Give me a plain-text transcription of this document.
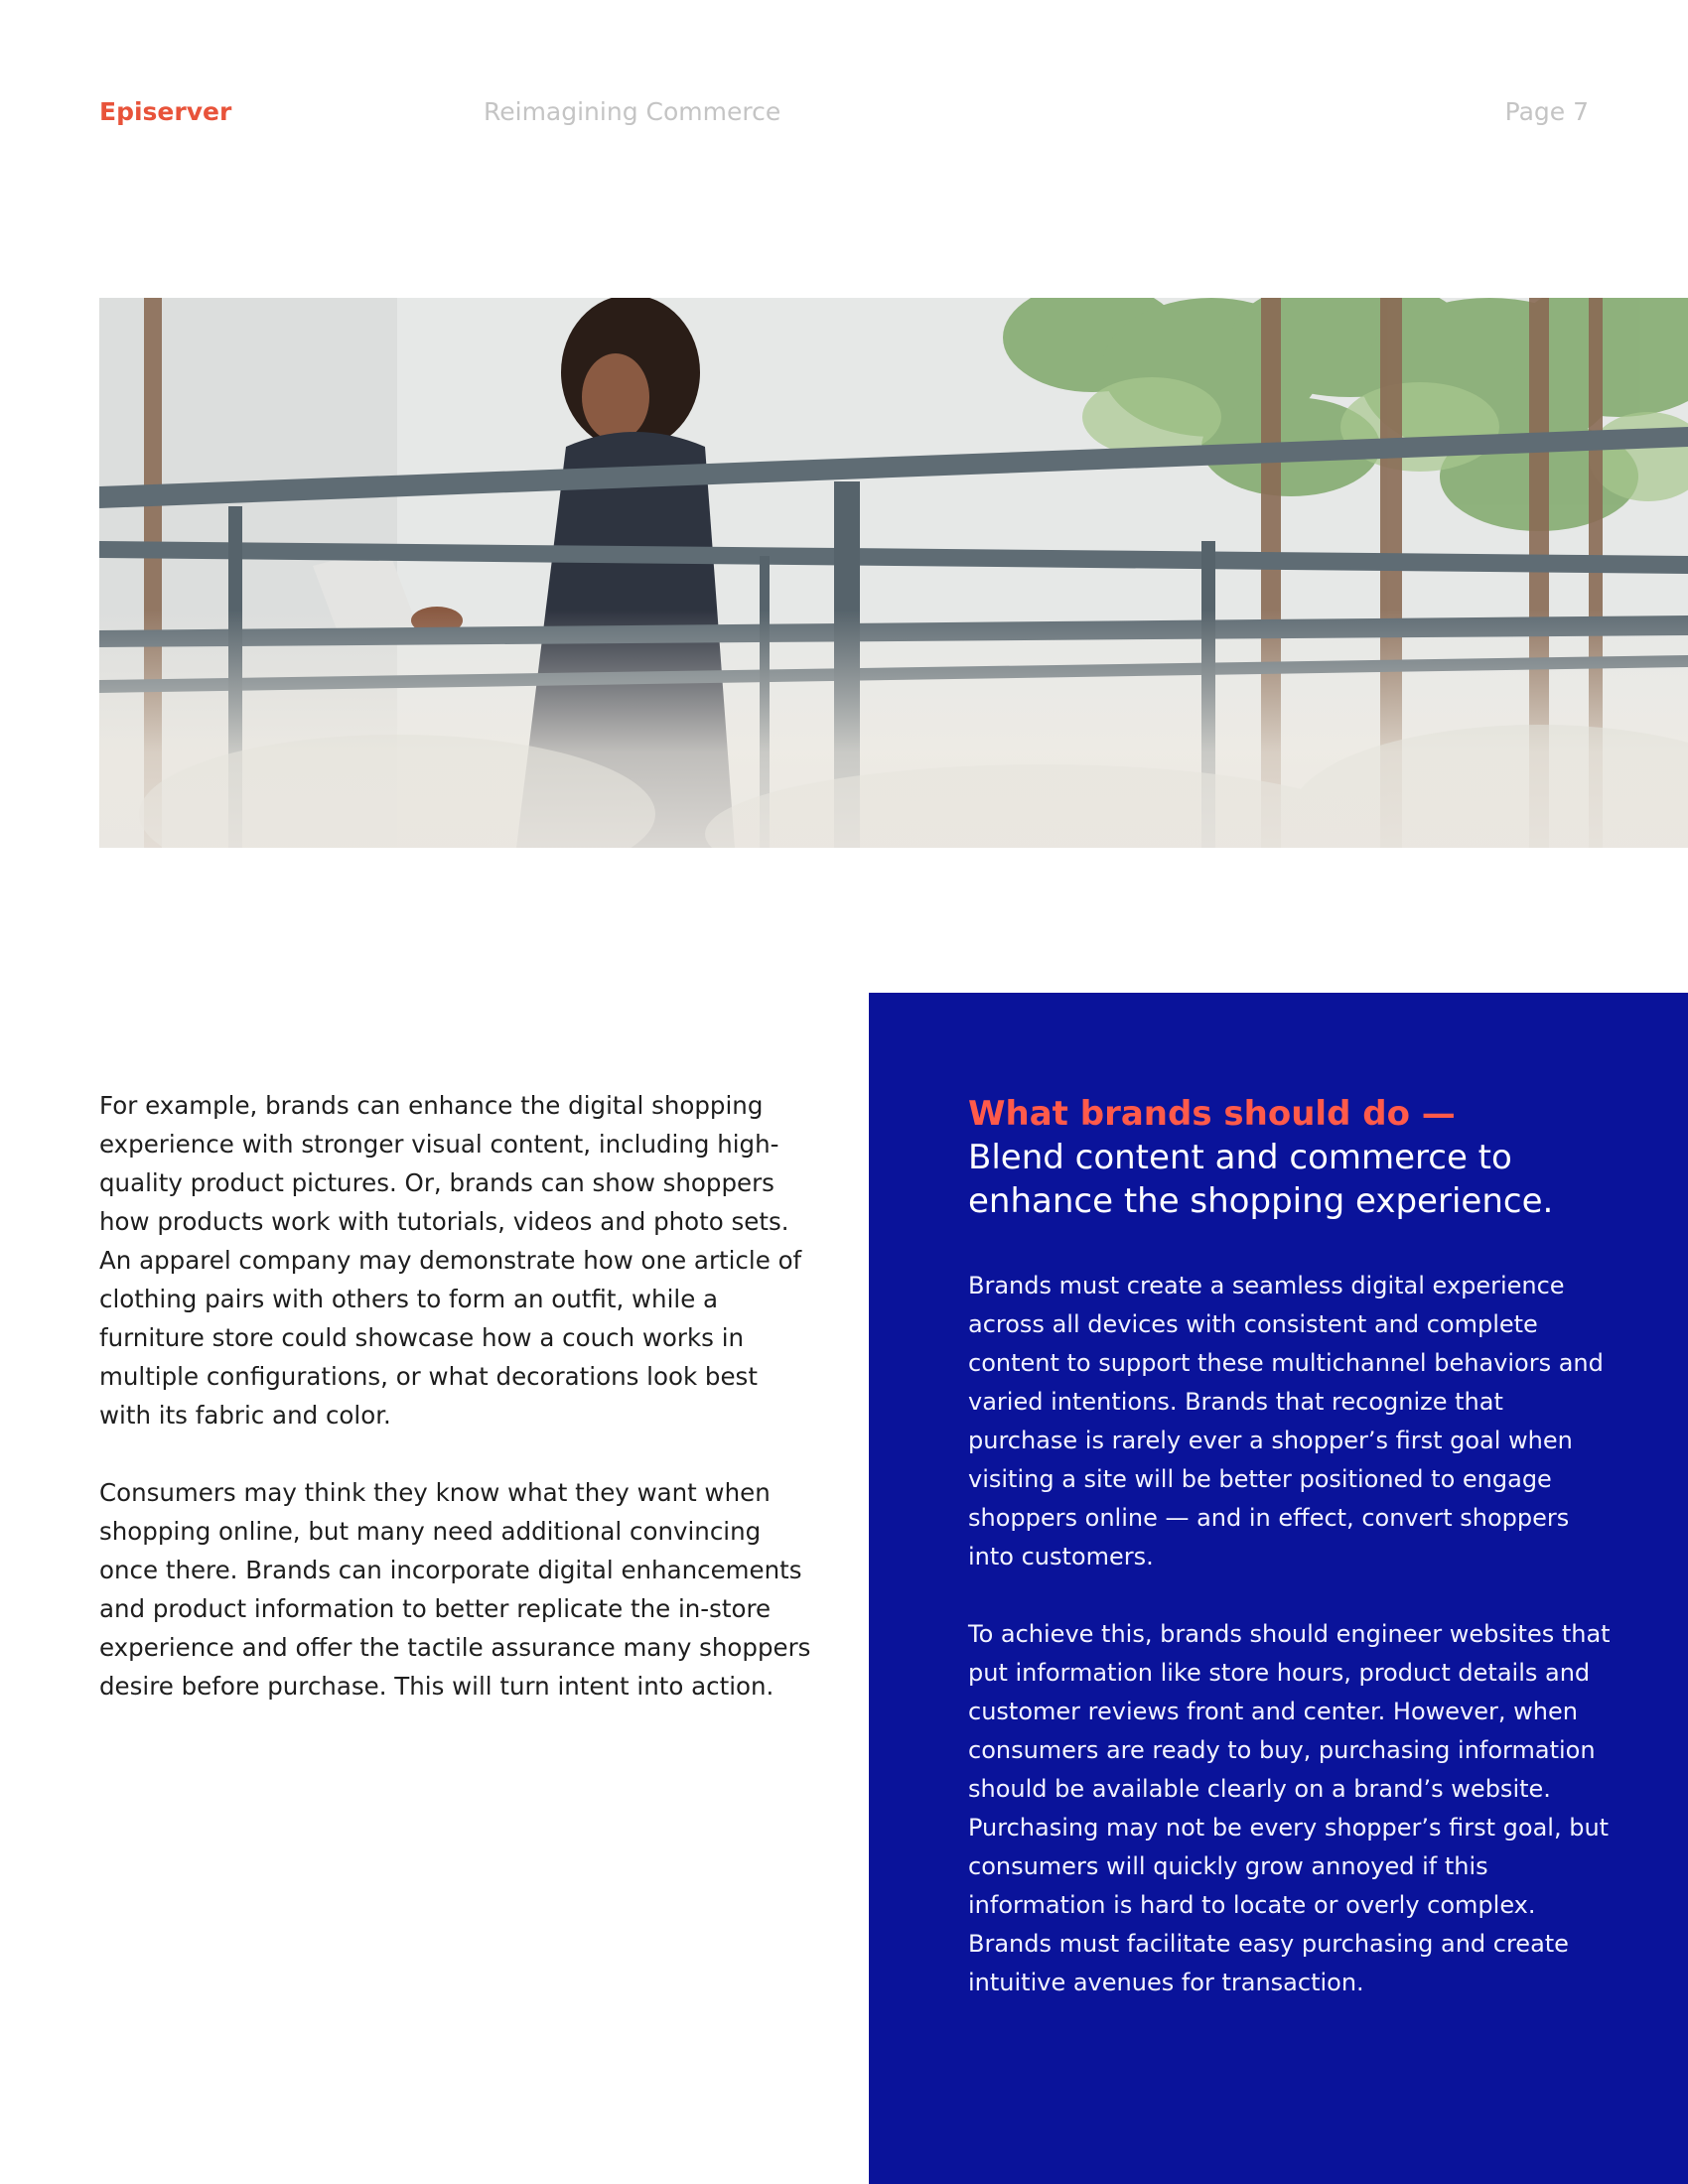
Episerver	Reimagining Commerce	Page 7

For example, brands can enhance the digital shopping experience with stronger visual content, including high-quality product pictures. Or, brands can show shoppers how products work with tutorials, videos and photo sets. An apparel company may demonstrate how one article of clothing pairs with others to form an outfit, while a furniture store could showcase how a couch works in multiple configurations, or what decorations look best with its fabric and color.

Consumers may think they know what they want when shopping online, but many need additional convincing once there. Brands can incorporate digital enhancements and product information to better replicate the in-store experience and offer the tactile assurance many shoppers desire before purchase. This will turn intent into action.

What brands should do —

Blend content and commerce to enhance the shopping experience.

Brands must create a seamless digital experience across all devices with consistent and complete content to support these multichannel behaviors and varied intentions. Brands that recognize that purchase is rarely ever a shopper’s first goal when visiting a site will be better positioned to engage shoppers online — and in effect, convert shoppers into customers.

To achieve this, brands should engineer websites that put information like store hours, product details and customer reviews front and center. However, when consumers are ready to buy, purchasing information should be available clearly on a brand’s website. Purchasing may not be every shopper’s first goal, but consumers will quickly grow annoyed if this information is hard to locate or overly complex. Brands must facilitate easy purchasing and create intuitive avenues for transaction.
